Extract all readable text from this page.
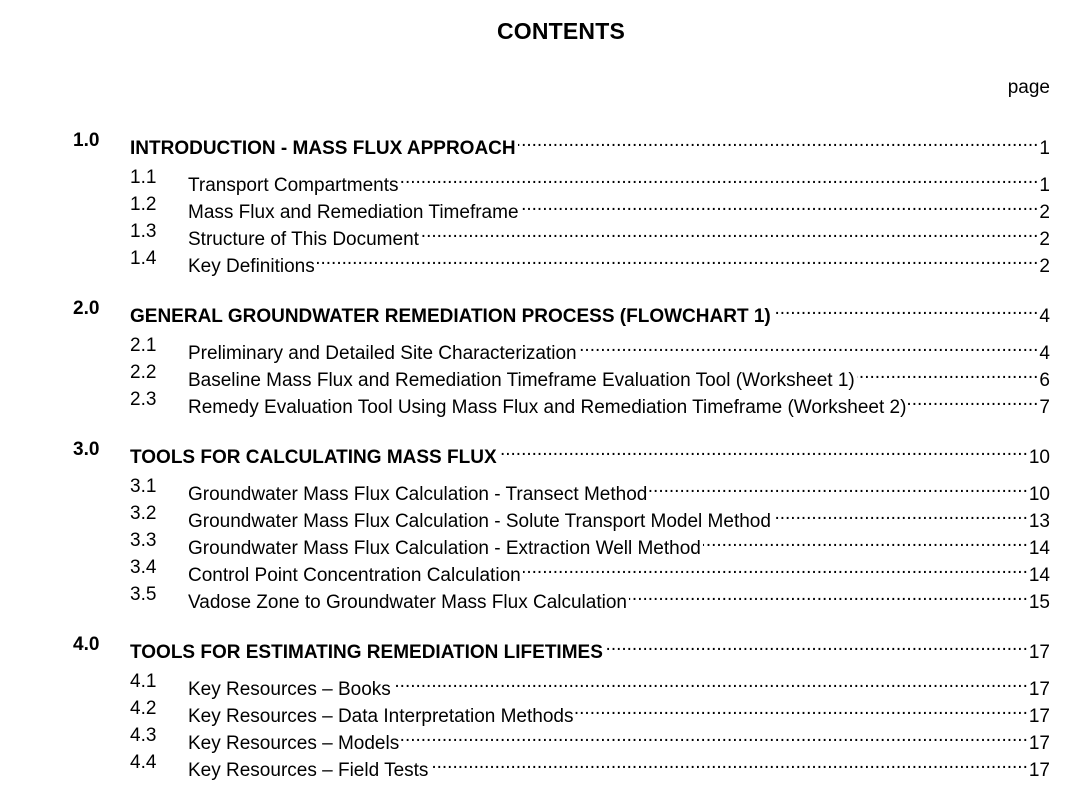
CONTENTS
page
1.0 INTRODUCTION - MASS FLUX APPROACH .....	1
1.1 Transport Compartments .....	1
1.2 Mass Flux and Remediation Timeframe .....	2
1.3 Structure of This Document .....	2
1.4 Key Definitions .....	2
2.0 GENERAL GROUNDWATER REMEDIATION PROCESS (FLOWCHART 1) .....	4
2.1 Preliminary and Detailed Site Characterization .....	4
2.2 Baseline Mass Flux and Remediation Timeframe Evaluation Tool (Worksheet 1) .....	6
2.3 Remedy Evaluation Tool Using Mass Flux and Remediation Timeframe (Worksheet 2) .....	7
3.0 TOOLS FOR CALCULATING MASS FLUX .....	10
3.1 Groundwater Mass Flux Calculation - Transect Method .....	10
3.2 Groundwater Mass Flux Calculation - Solute Transport Model Method .....	13
3.3 Groundwater Mass Flux Calculation - Extraction Well Method .....	14
3.4 Control Point Concentration Calculation .....	14
3.5 Vadose Zone to Groundwater Mass Flux Calculation .....	15
4.0 TOOLS FOR ESTIMATING REMEDIATION LIFETIMES .....	17
4.1 Key Resources – Books .....	17
4.2 Key Resources – Data Interpretation Methods .....	17
4.3 Key Resources – Models .....	17
4.4 Key Resources – Field Tests .....	17
